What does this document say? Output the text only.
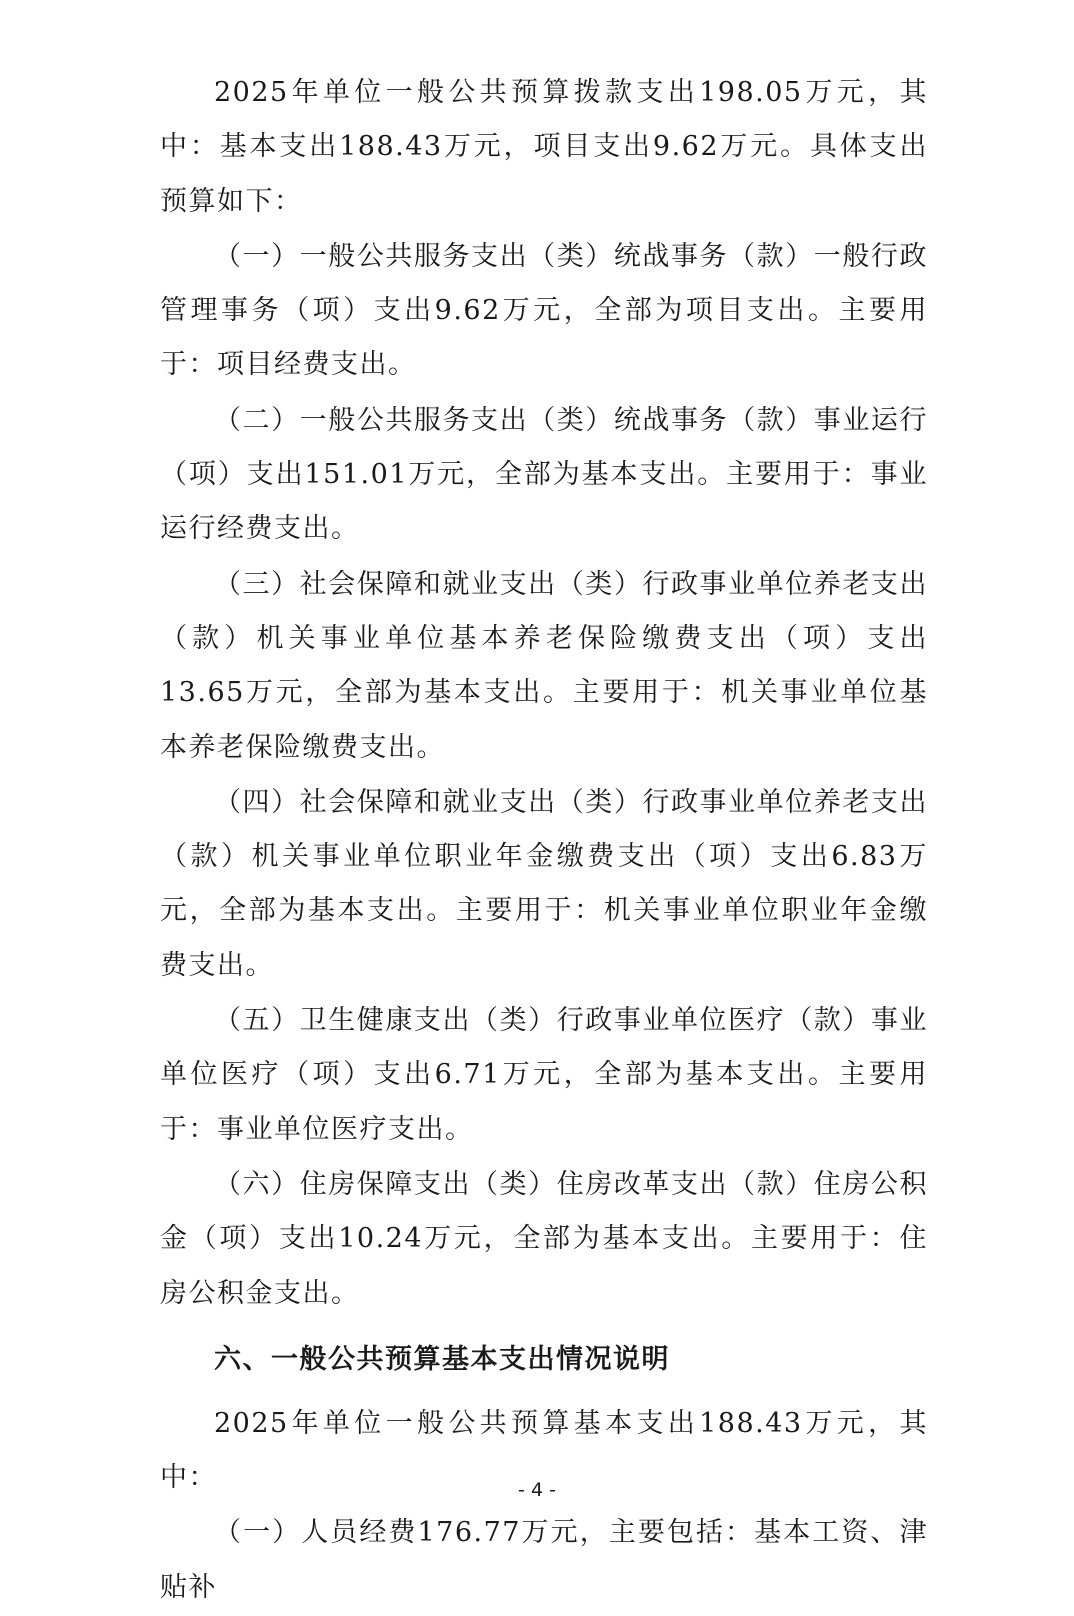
2025年单位一般公共预算拨款支出198.05万元，其中：基本支出188.43万元，项目支出9.62万元。具体支出预算如下：

（一）一般公共服务支出（类）统战事务（款）一般行政管理事务（项）支出9.62万元，全部为项目支出。主要用于：项目经费支出。

（二）一般公共服务支出（类）统战事务（款）事业运行（项）支出151.01万元，全部为基本支出。主要用于：事业运行经费支出。

（三）社会保障和就业支出（类）行政事业单位养老支出（款）机关事业单位基本养老保险缴费支出（项）支出13.65万元，全部为基本支出。主要用于：机关事业单位基本养老保险缴费支出。

（四）社会保障和就业支出（类）行政事业单位养老支出（款）机关事业单位职业年金缴费支出（项）支出6.83万元，全部为基本支出。主要用于：机关事业单位职业年金缴费支出。

（五）卫生健康支出（类）行政事业单位医疗（款）事业单位医疗（项）支出6.71万元，全部为基本支出。主要用于：事业单位医疗支出。

（六）住房保障支出（类）住房改革支出（款）住房公积金（项）支出10.24万元，全部为基本支出。主要用于：住房公积金支出。

六、一般公共预算基本支出情况说明

2025年单位一般公共预算基本支出188.43万元，其中：

（一）人员经费176.77万元，主要包括：基本工资、津贴补

- 4 -
